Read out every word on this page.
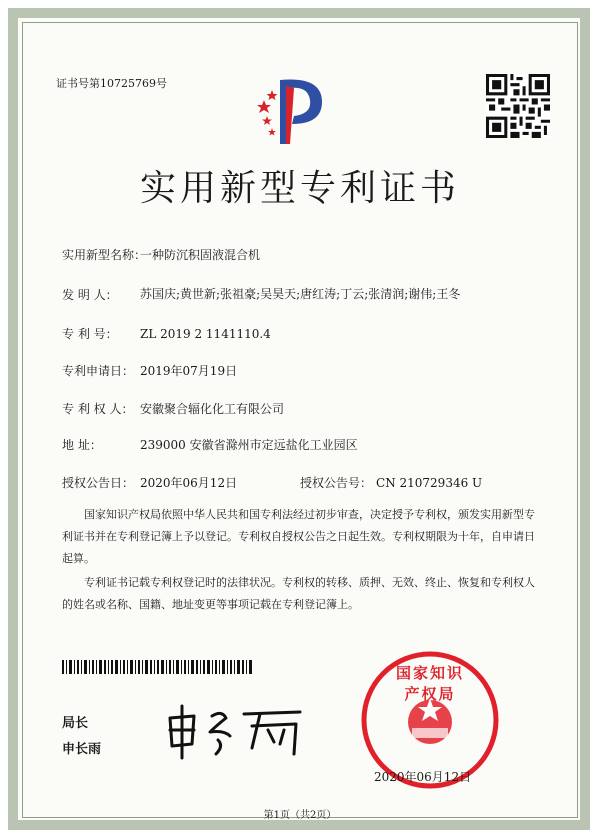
证书号第10725769号
实用新型专利证书
实用新型名称：一种防沉积固液混合机
发 明 人： 苏国庆;黄世新;张祖豪;吴昊天;唐红涛;丁云;张清润;谢伟;王冬
专 利 号： ZL 2019 2 1141110.4
专利申请日： 2019年07月19日
专 利 权 人： 安徽聚合辐化化工有限公司
地 址：	239000 安徽省滁州市定远盐化工业园区
授权公告日： 2020年06月12日	授权公告号： CN 210729346 U
国家知识产权局依照中华人民共和国专利法经过初步审查，决定授予专利权，颁发实用新型专利证书并在专利登记簿上予以登记。专利权自授权公告之日起生效。专利权期限为十年，自申请日起算。
专利证书记载专利权登记时的法律状况。专利权的转移、质押、无效、终止、恢复和专利权人的姓名或名称、国籍、地址变更等事项记载在专利登记簿上。
局长
申长雨
国家知识产权局
2020年06月12日
第1页（共2页）
